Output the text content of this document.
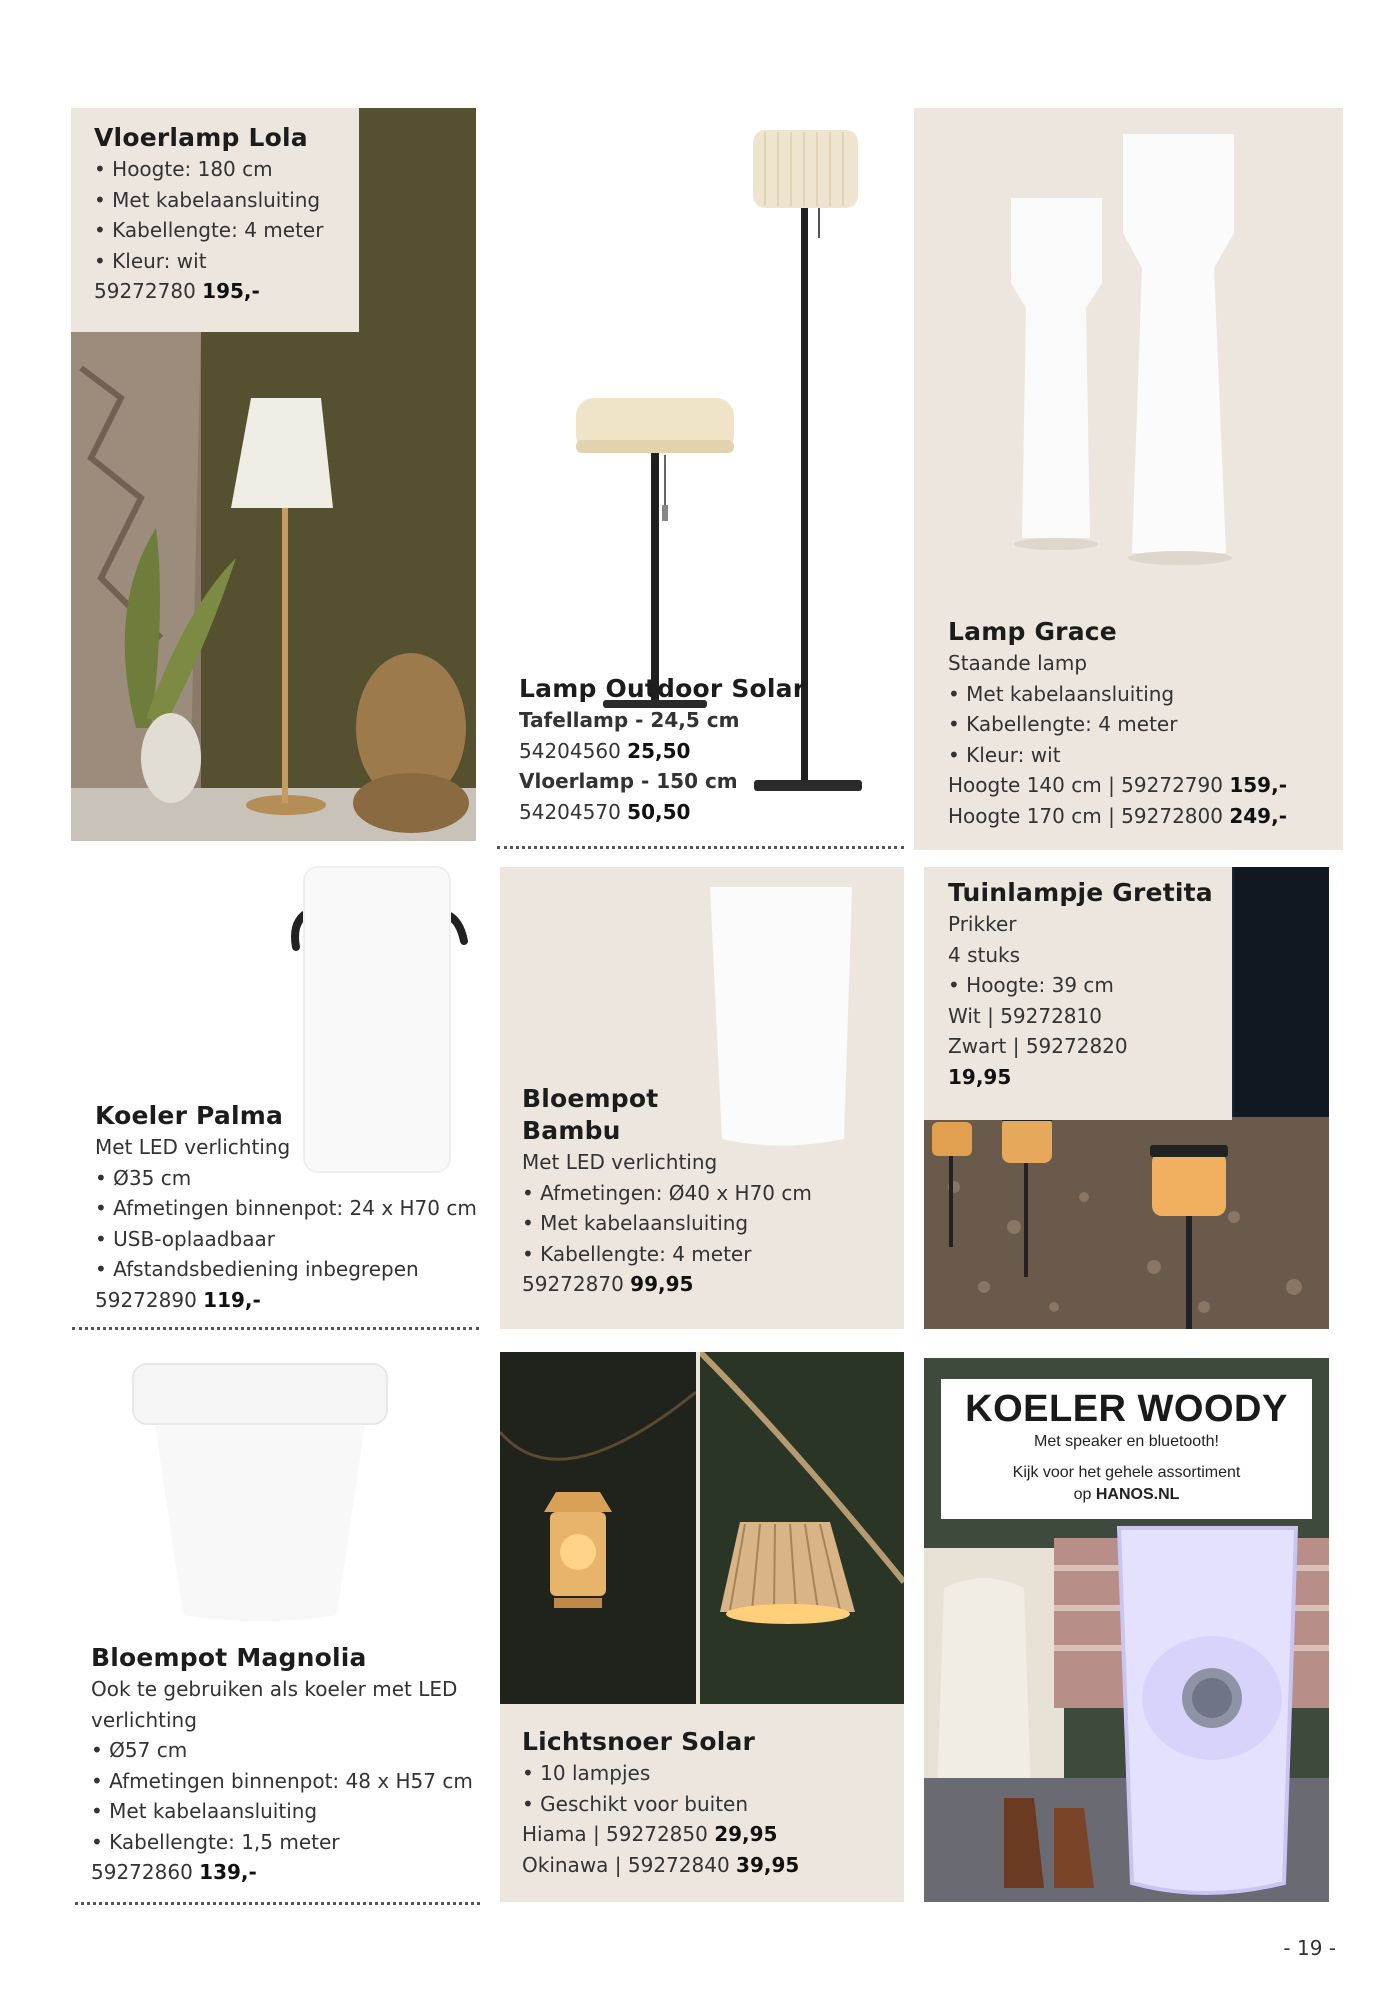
Vloerlamp Lola
• Hoogte: 180 cm
• Met kabelaansluiting
• Kabellengte: 4 meter
• Kleur: wit
59272780 195,-
Lamp Outdoor Solar
Tafellamp - 24,5 cm
54204560 25,50
Vloerlamp - 150 cm
54204570 50,50
Lamp Grace
Staande lamp
• Met kabelaansluiting
• Kabellengte: 4 meter
• Kleur: wit
Hoogte 140 cm | 59272790 159,-
Hoogte 170 cm | 59272800 249,-
Koeler Palma
Met LED verlichting
• Ø35 cm
• Afmetingen binnenpot: 24 x H70 cm
• USB-oplaadbaar
• Afstandsbediening inbegrepen
59272890 119,-
Bloempot
Bambu
Met LED verlichting
• Afmetingen: Ø40 x H70 cm
• Met kabelaansluiting
• Kabellengte: 4 meter
59272870 99,95
Tuinlampje Gretita
Prikker
4 stuks
• Hoogte: 39 cm
Wit | 59272810
Zwart | 59272820
19,95
Bloempot Magnolia
Ook te gebruiken als koeler met LED
verlichting
• Ø57 cm
• Afmetingen binnenpot: 48 x H57 cm
• Met kabelaansluiting
• Kabellengte: 1,5 meter
59272860 139,-
Lichtsnoer Solar
• 10 lampjes
• Geschikt voor buiten
Hiama | 59272850 29,95
Okinawa | 59272840 39,95
KOELER WOODY
Met speaker en bluetooth!
Kijk voor het gehele assortiment
op HANOS.NL
- 19 -
